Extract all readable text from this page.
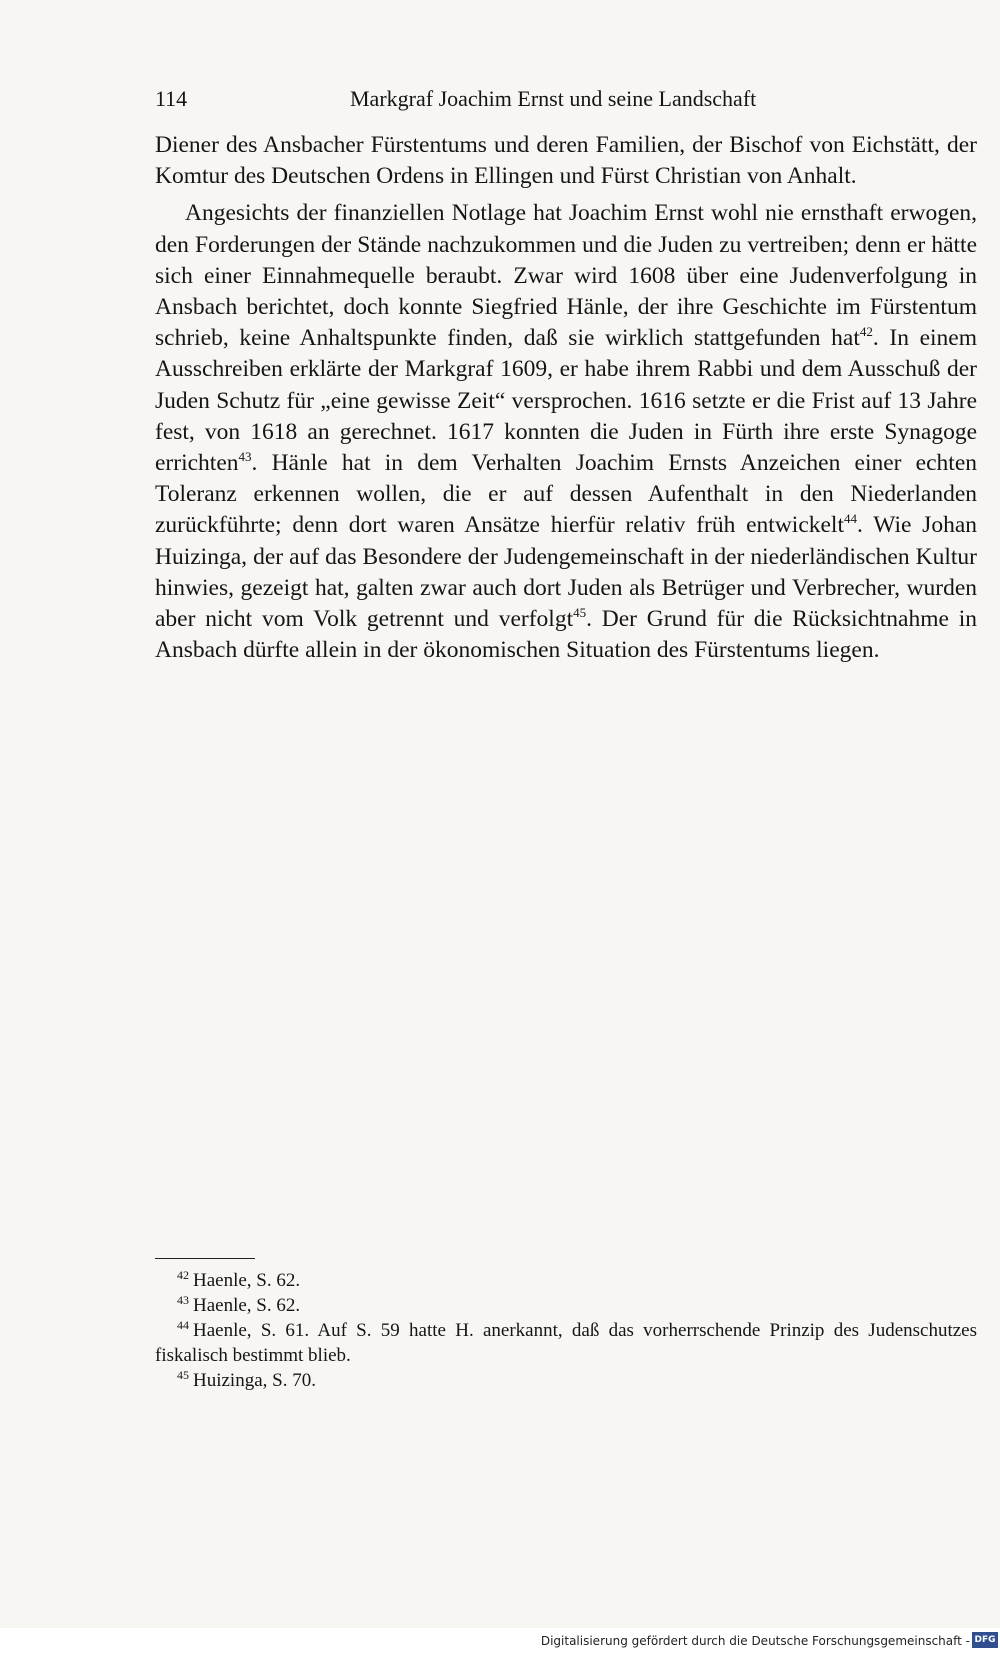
114	Markgraf Joachim Ernst und seine Landschaft

Diener des Ansbacher Fürstentums und deren Familien, der Bischof von Eichstätt, der Komtur des Deutschen Ordens in Ellingen und Fürst Christian von Anhalt.

Angesichts der finanziellen Notlage hat Joachim Ernst wohl nie ernsthaft erwogen, den Forderungen der Stände nachzukommen und die Juden zu vertreiben; denn er hätte sich einer Einnahmequelle beraubt. Zwar wird 1608 über eine Judenverfolgung in Ansbach berichtet, doch konnte Siegfried Hänle, der ihre Geschichte im Fürstentum schrieb, keine Anhaltspunkte finden, daß sie wirklich stattgefunden hat$^{42}$. In einem Ausschreiben erklärte der Markgraf 1609, er habe ihrem Rabbi und dem Ausschuß der Juden Schutz für „eine gewisse Zeit“ versprochen. 1616 setzte er die Frist auf 13 Jahre fest, von 1618 an gerechnet. 1617 konnten die Juden in Fürth ihre erste Synagoge errichten$^{43}$. Hänle hat in dem Verhalten Joachim Ernsts Anzeichen einer echten Toleranz erkennen wollen, die er auf dessen Aufenthalt in den Niederlanden zurückführte; denn dort waren Ansätze hierfür relativ früh entwickelt$^{44}$. Wie Johan Huizinga, der auf das Besondere der Judengemeinschaft in der niederländischen Kultur hinwies, gezeigt hat, galten zwar auch dort Juden als Betrüger und Verbrecher, wurden aber nicht vom Volk getrennt und verfolgt$^{45}$. Der Grund für die Rücksichtnahme in Ansbach dürfte allein in der ökonomischen Situation des Fürstentums liegen.

$^{42}$ Haenle, S. 62.
$^{43}$ Haenle, S. 62.
$^{44}$ Haenle, S. 61. Auf S. 59 hatte H. anerkannt, daß das vorherrschende Prinzip des Judenschutzes fiskalisch bestimmt blieb.
$^{45}$ Huizinga, S. 70.
Digitalisierung gefördert durch die Deutsche Forschungsgemeinschaft - DFG
